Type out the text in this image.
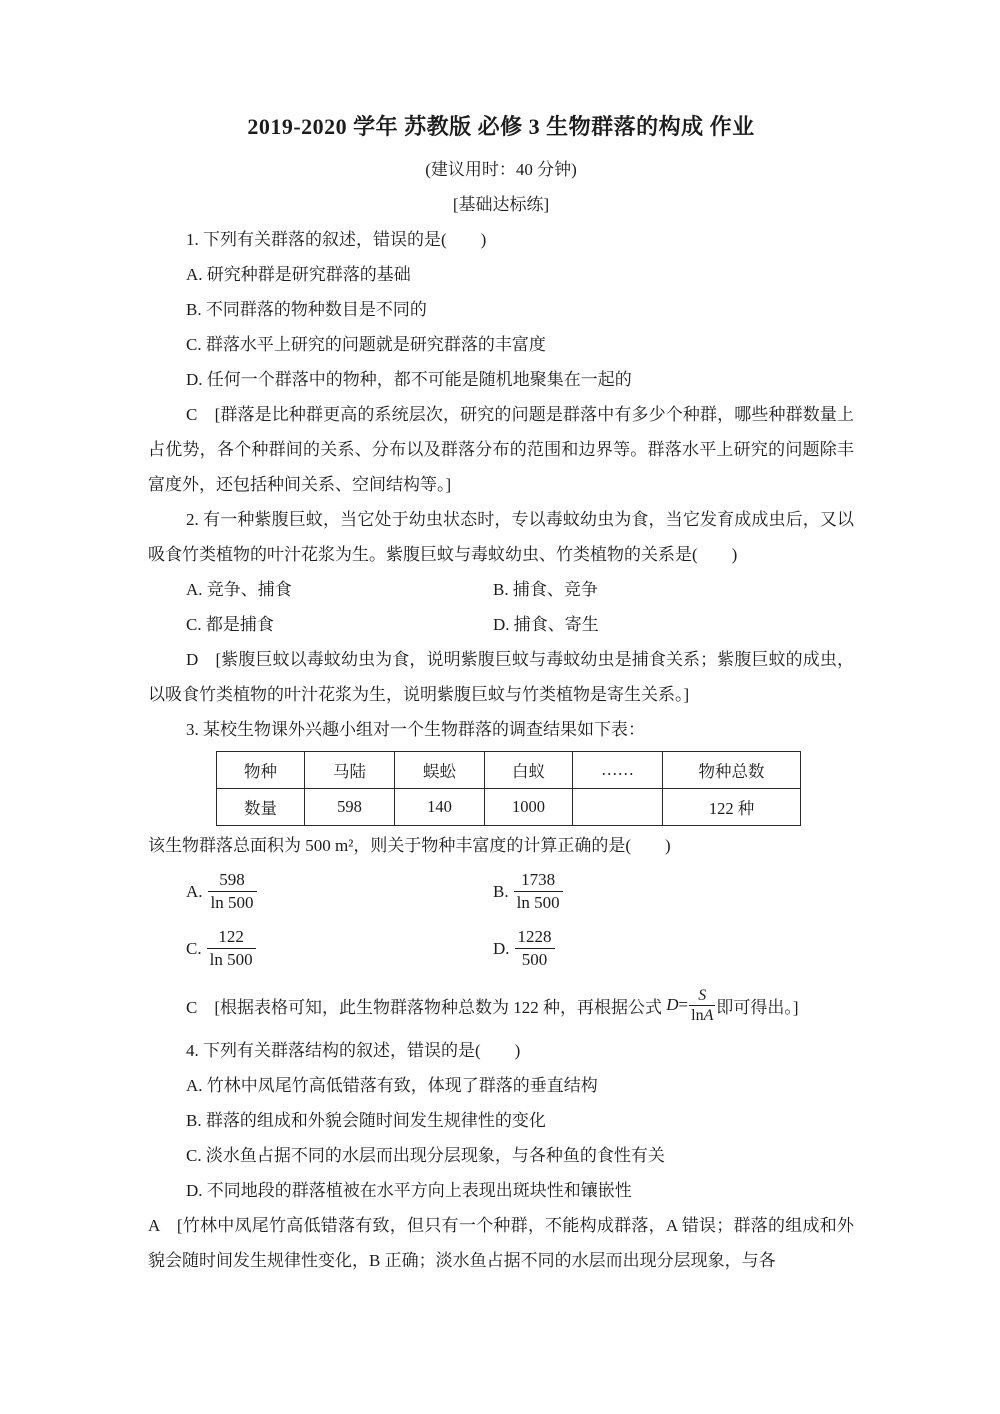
2019-2020 学年 苏教版 必修 3 生物群落的构成 作业

(建议用时：40 分钟)

[基础达标练]

1. 下列有关群落的叙述，错误的是(　　)

A. 研究种群是研究群落的基础

B. 不同群落的物种数目是不同的

C. 群落水平上研究的问题就是研究群落的丰富度

D. 任何一个群落中的物种，都不可能是随机地聚集在一起的

C　[群落是比种群更高的系统层次，研究的问题是群落中有多少个种群，哪些种群数量上占优势，各个种群间的关系、分布以及群落分布的范围和边界等。群落水平上研究的问题除丰富度外，还包括种间关系、空间结构等。]

2. 有一种紫腹巨蚊，当它处于幼虫状态时，专以毒蚊幼虫为食，当它发育成成虫后，又以吸食竹类植物的叶汁花浆为生。紫腹巨蚊与毒蚊幼虫、竹类植物的关系是(　　)

A. 竞争、捕食	B. 捕食、竞争

C. 都是捕食	D. 捕食、寄生

D　[紫腹巨蚊以毒蚊幼虫为食，说明紫腹巨蚊与毒蚊幼虫是捕食关系；紫腹巨蚊的成虫，以吸食竹类植物的叶汁花浆为生，说明紫腹巨蚊与竹类植物是寄生关系。]

3. 某校生物课外兴趣小组对一个生物群落的调查结果如下表：

物种	马陆	蜈蚣	白蚁	……	物种总数
数量	598	140	1000		122 种

该生物群落总面积为 500 m²，则关于物种丰富度的计算正确的是(　　)

A. $\frac{598}{\ln 500}$	B. $\frac{1738}{\ln 500}$
C. $\frac{122}{\ln 500}$	D. $\frac{1228}{500}$
C　[根据表格可知，此生物群落物种总数为 122 种，再根据公式 $D = \frac{S}{\ln A}$ 即可得出。]

4. 下列有关群落结构的叙述，错误的是(　　)

A. 竹林中凤尾竹高低错落有致，体现了群落的垂直结构

B. 群落的组成和外貌会随时间发生规律性的变化

C. 淡水鱼占据不同的水层而出现分层现象，与各种鱼的食性有关

D. 不同地段的群落植被在水平方向上表现出斑块性和镶嵌性

A　[竹林中凤尾竹高低错落有致，但只有一个种群，不能构成群落，A 错误；群落的组成和外貌会随时间发生规律性变化，B 正确；淡水鱼占据不同的水层而出现分层现象，与各
